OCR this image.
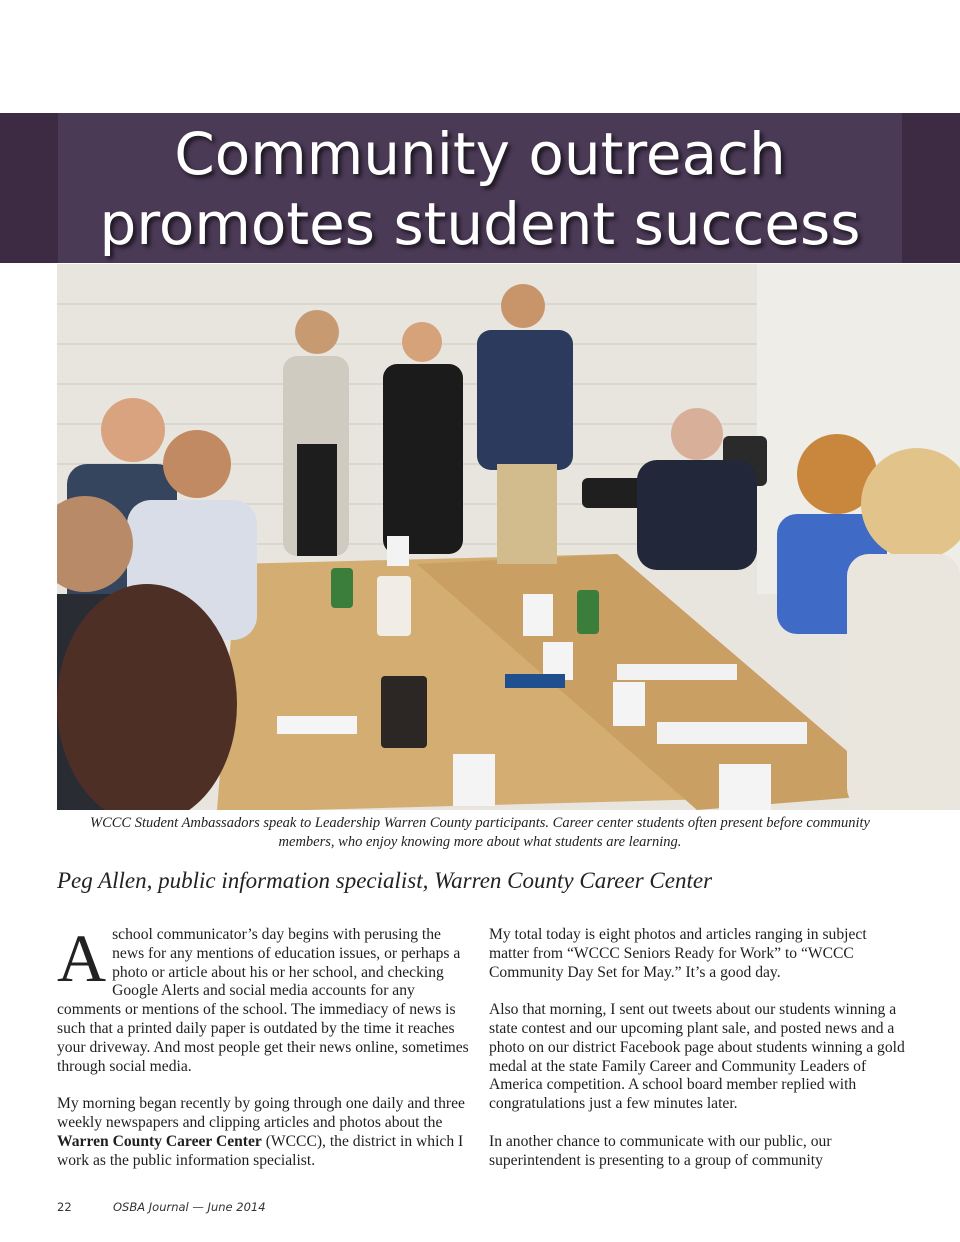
Community outreach
promotes student success
WCCC Student Ambassadors speak to Leadership Warren County participants. Career center students often present before community members, who enjoy knowing more about what students are learning.
Peg Allen, public information specialist, Warren County Career Center

Aschool communicator’s day begins with perusing the news for any mentions of education issues, or perhaps a photo or article about his or her school, and checking Google Alerts and social media accounts for any comments or mentions of the school. The immediacy of news is such that a printed daily paper is outdated by the time it reaches your driveway. And most people get their news online, sometimes through social media.

My morning began recently by going through one daily and three weekly newspapers and clipping articles and photos about the Warren County Career Center (WCCC), the district in which I work as the public information specialist.

My total today is eight photos and articles ranging in subject matter from “WCCC Seniors Ready for Work” to “WCCC Community Day Set for May.” It’s a good day.

Also that morning, I sent out tweets about our students winning a state contest and our upcoming plant sale, and posted news and a photo on our district Facebook page about students winning a gold medal at the state Family Career and Community Leaders of America competition. A school board member replied with congratulations just a few minutes later.

In another chance to communicate with our public, our superintendent is presenting to a group of community

22	OSBA Journal — June 2014
